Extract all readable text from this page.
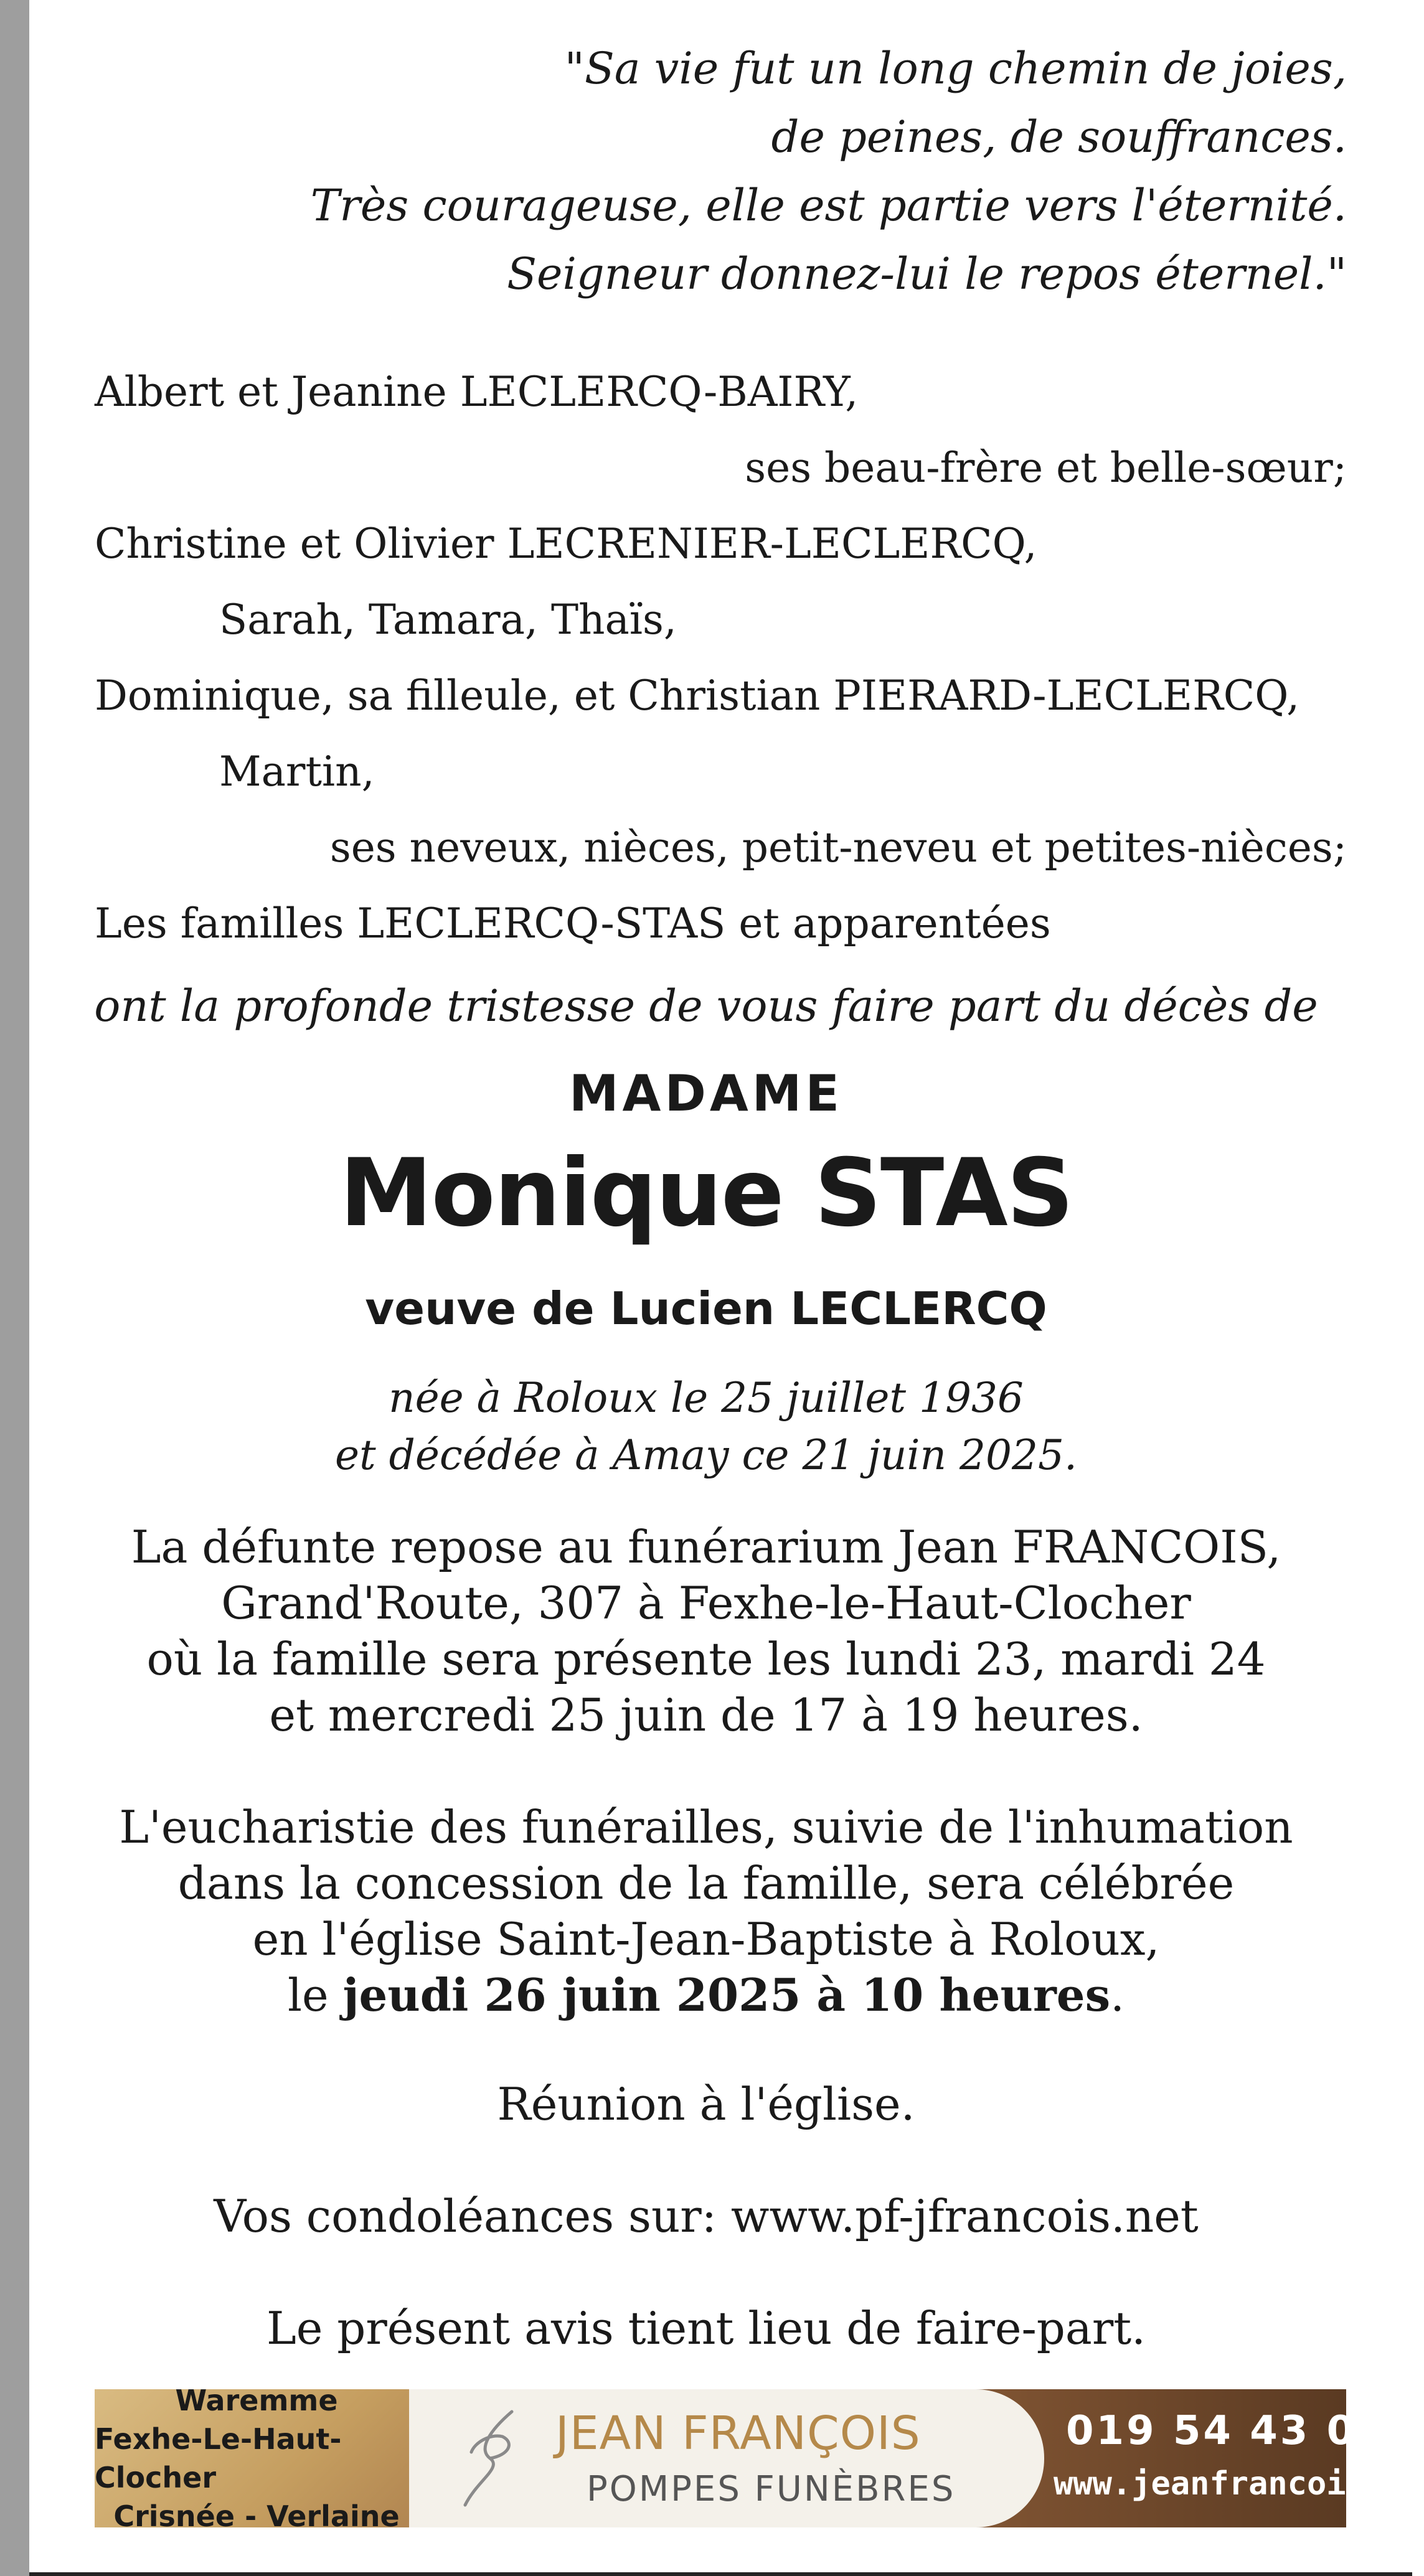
"Sa vie fut un long chemin de joies,
de peines, de souffrances.
Très courageuse, elle est partie vers l'éternité.
Seigneur donnez-lui le repos éternel."
Albert et Jeanine LECLERCQ-BAIRY,
ses beau-frère et belle-sœur;
Christine et Olivier LECRENIER-LECLERCQ,
Sarah, Tamara, Thaïs,
Dominique, sa filleule, et Christian PIERARD-LECLERCQ,
Martin,
ses neveux, nièces, petit-neveu et petites-nièces;
Les familles LECLERCQ-STAS et apparentées
ont la profonde tristesse de vous faire part du décès de
MADAME
Monique STAS
veuve de Lucien LECLERCQ
née à Roloux le 25 juillet 1936
et décédée à Amay ce 21 juin 2025.
La défunte repose au funérarium Jean FRANCOIS,
Grand'Route, 307 à Fexhe-le-Haut-Clocher
où la famille sera présente les lundi 23, mardi 24
et mercredi 25 juin de 17 à 19 heures.
L'eucharistie des funérailles, suivie de l'inhumation
dans la concession de la famille, sera célébrée
en l'église Saint-Jean-Baptiste à Roloux,
le jeudi 26 juin 2025 à 10 heures.
Réunion à l'église.
Vos condoléances sur: www.pf-jfrancois.net
Le présent avis tient lieu de faire-part.
Waremme
Fexhe-Le-Haut-Clocher
Crisnée - Verlaine
JEAN FRANÇOIS
POMPES FUNÈBRES
019 54 43 06
www.jeanfrancois.be
